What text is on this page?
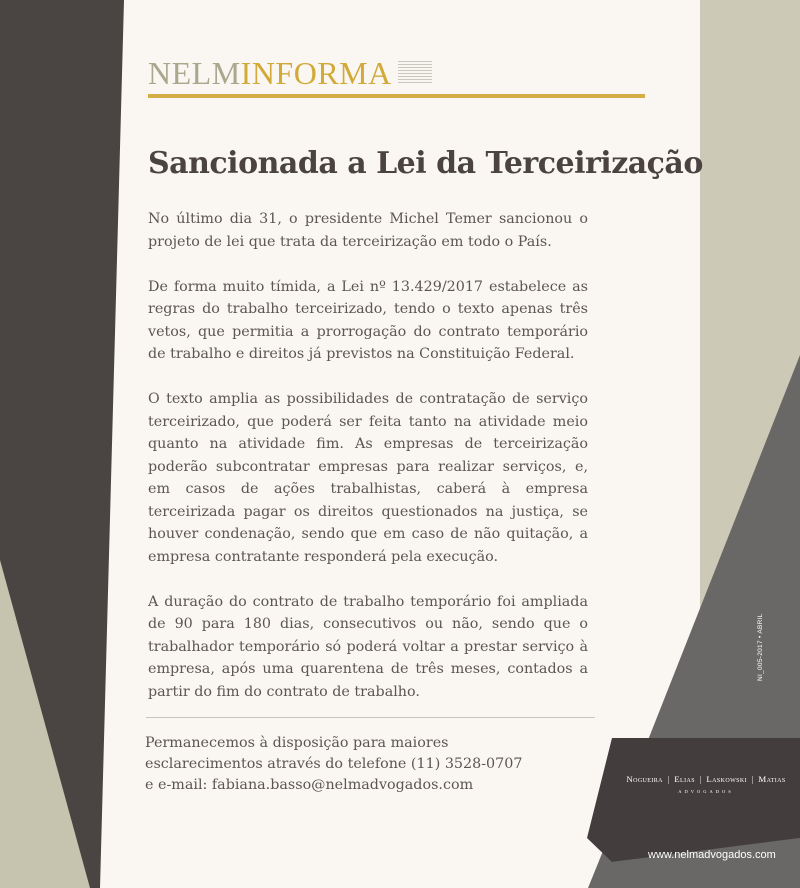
NELM INFORMA
Sancionada a Lei da Terceirização

No último dia 31, o presidente Michel Temer sancionou o projeto de lei que trata da terceirização em todo o País.

De forma muito tímida, a Lei nº 13.429/2017 estabelece as regras do trabalho terceirizado, tendo o texto apenas três vetos, que permitia a prorrogação do contrato temporário de trabalho e direitos já previstos na Constituição Federal.

O texto amplia as possibilidades de contratação de serviço terceirizado, que poderá ser feita tanto na atividade meio quanto na atividade fim. As empresas de terceirização poderão subcontratar empresas para realizar serviços, e, em casos de ações trabalhistas, caberá à empresa terceirizada pagar os direitos questionados na justiça, se houver condenação, sendo que em caso de não quitação, a empresa contratante responderá pela execução.

A duração do contrato de trabalho temporário foi ampliada de 90 para 180 dias, consecutivos ou não, sendo que o trabalhador temporário só poderá voltar a prestar serviço à empresa, após uma quarentena de três meses, contados a partir do fim do contrato de trabalho.

Permanecemos à disposição para maiores
esclarecimentos através do telefone (11) 3528-0707
e e-mail: fabiana.basso@nelmadvogados.com
NI_005-2017 • ABRIL
Nogueira | Elias | Laskowski | Matias
ADVOGADOS
www.nelmadvogados.com
